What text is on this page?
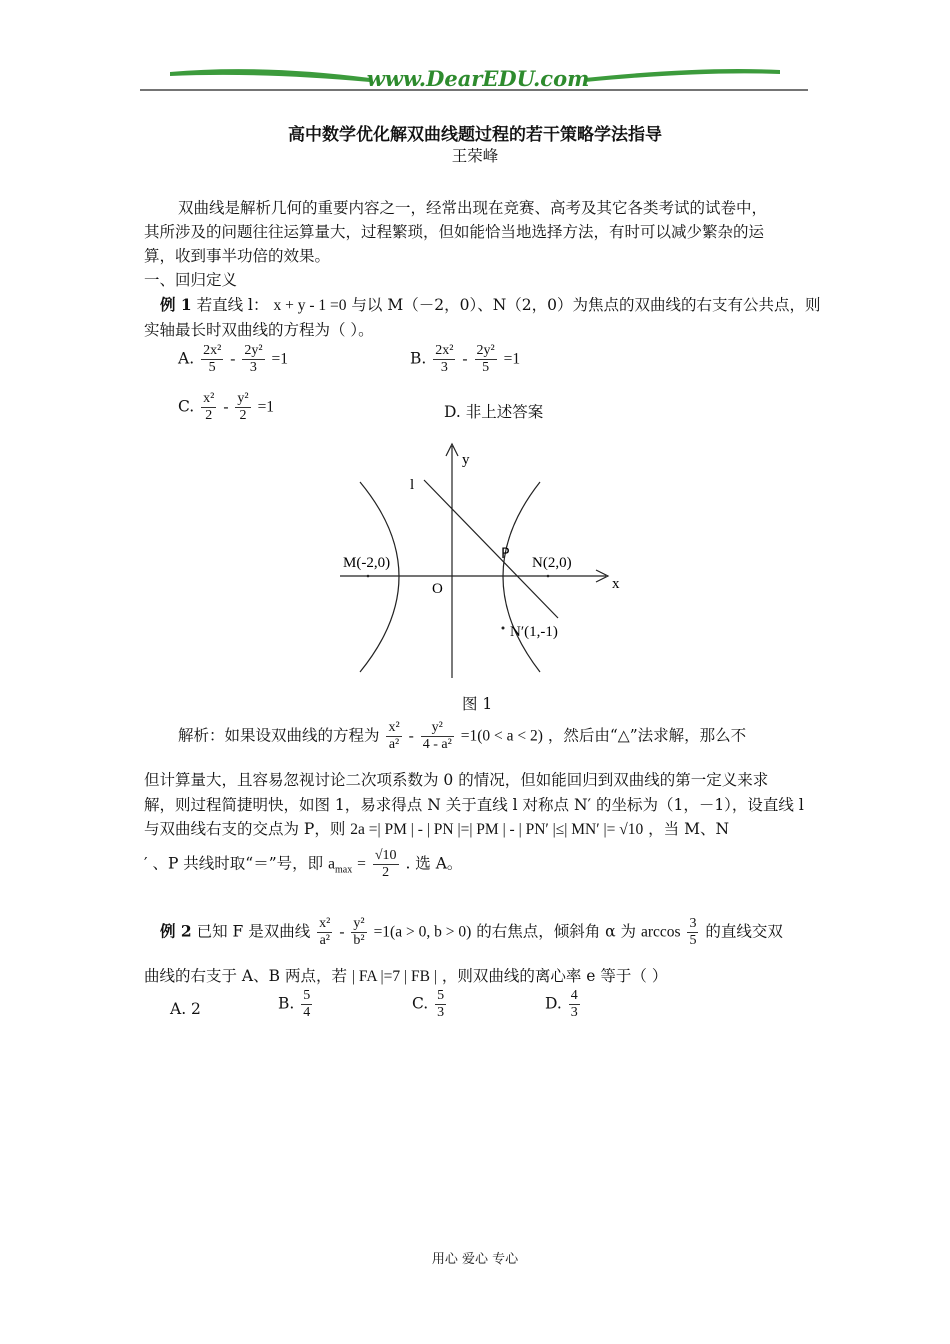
www.DearEDU.com
高中数学优化解双曲线题过程的若干策略学法指导
王荣峰
双曲线是解析几何的重要内容之一，经常出现在竞赛、高考及其它各类考试的试卷中，
其所涉及的问题往往运算量大，过程繁琐，但如能恰当地选择方法，有时可以减少繁杂的运
算，收到事半功倍的效果。
一、回归定义
例 1 若直线 l： x + y - 1 =0 与以 M（－2，0）、N（2，0）为焦点的双曲线的右支有公共点，则
实轴最长时双曲线的方程为（ ）。
A. $\frac{\text{2x²}}{5} - \frac{\text{2y²}}{3} =1$	B. $\frac{\text{2x²}}{3} - \frac{\text{2y²}}{5} =1$
C. $\frac{\text{x²}}{2} - \frac{\text{y²}}{2} =1$	D. 非上述答案
y
x
l
M(-2,0)	N(2,0)
O
P
N′(1,-1)
图 1
解析：如果设双曲线的方程为 $\frac{\text{x²}}{\text{a²}} - \frac{\text{y²}}{\text{4 - a²}} =1(0 < a < 2)$ ，然后由“△”法求解，那么不
但计算量大，且容易忽视讨论二次项系数为 0 的情况，但如能回归到双曲线的第一定义来求
解，则过程简捷明快，如图 1，易求得点 N 关于直线 l 对称点 N′ 的坐标为（1，－1），设直线 l
与双曲线右支的交点为 P，则 2a =| PM | - | PN |=| PM | - | PN′ |≤| MN′ |= √10 ，当 M、N
′ 、P 共线时取“＝”号，即 $a_{max} = \frac{√10}{2}$ . 选 A。
例 2 已知 F 是双曲线 $\frac{\text{x²}}{\text{a²}} - \frac{\text{y²}}{\text{b²}} =1(a > 0$, b > 0) 的右焦点，倾斜角 α 为 $\arccos \frac{3}{5}$ 的直线交双
曲线的右支于 A、B 两点，若 | FA |=7 | FB | ，则双曲线的离心率 e 等于（ ）
A. 2	B. $\frac{5}{4}$	C. $\frac{5}{3}$	D. $\frac{4}{3}$
用心 爱心 专心
